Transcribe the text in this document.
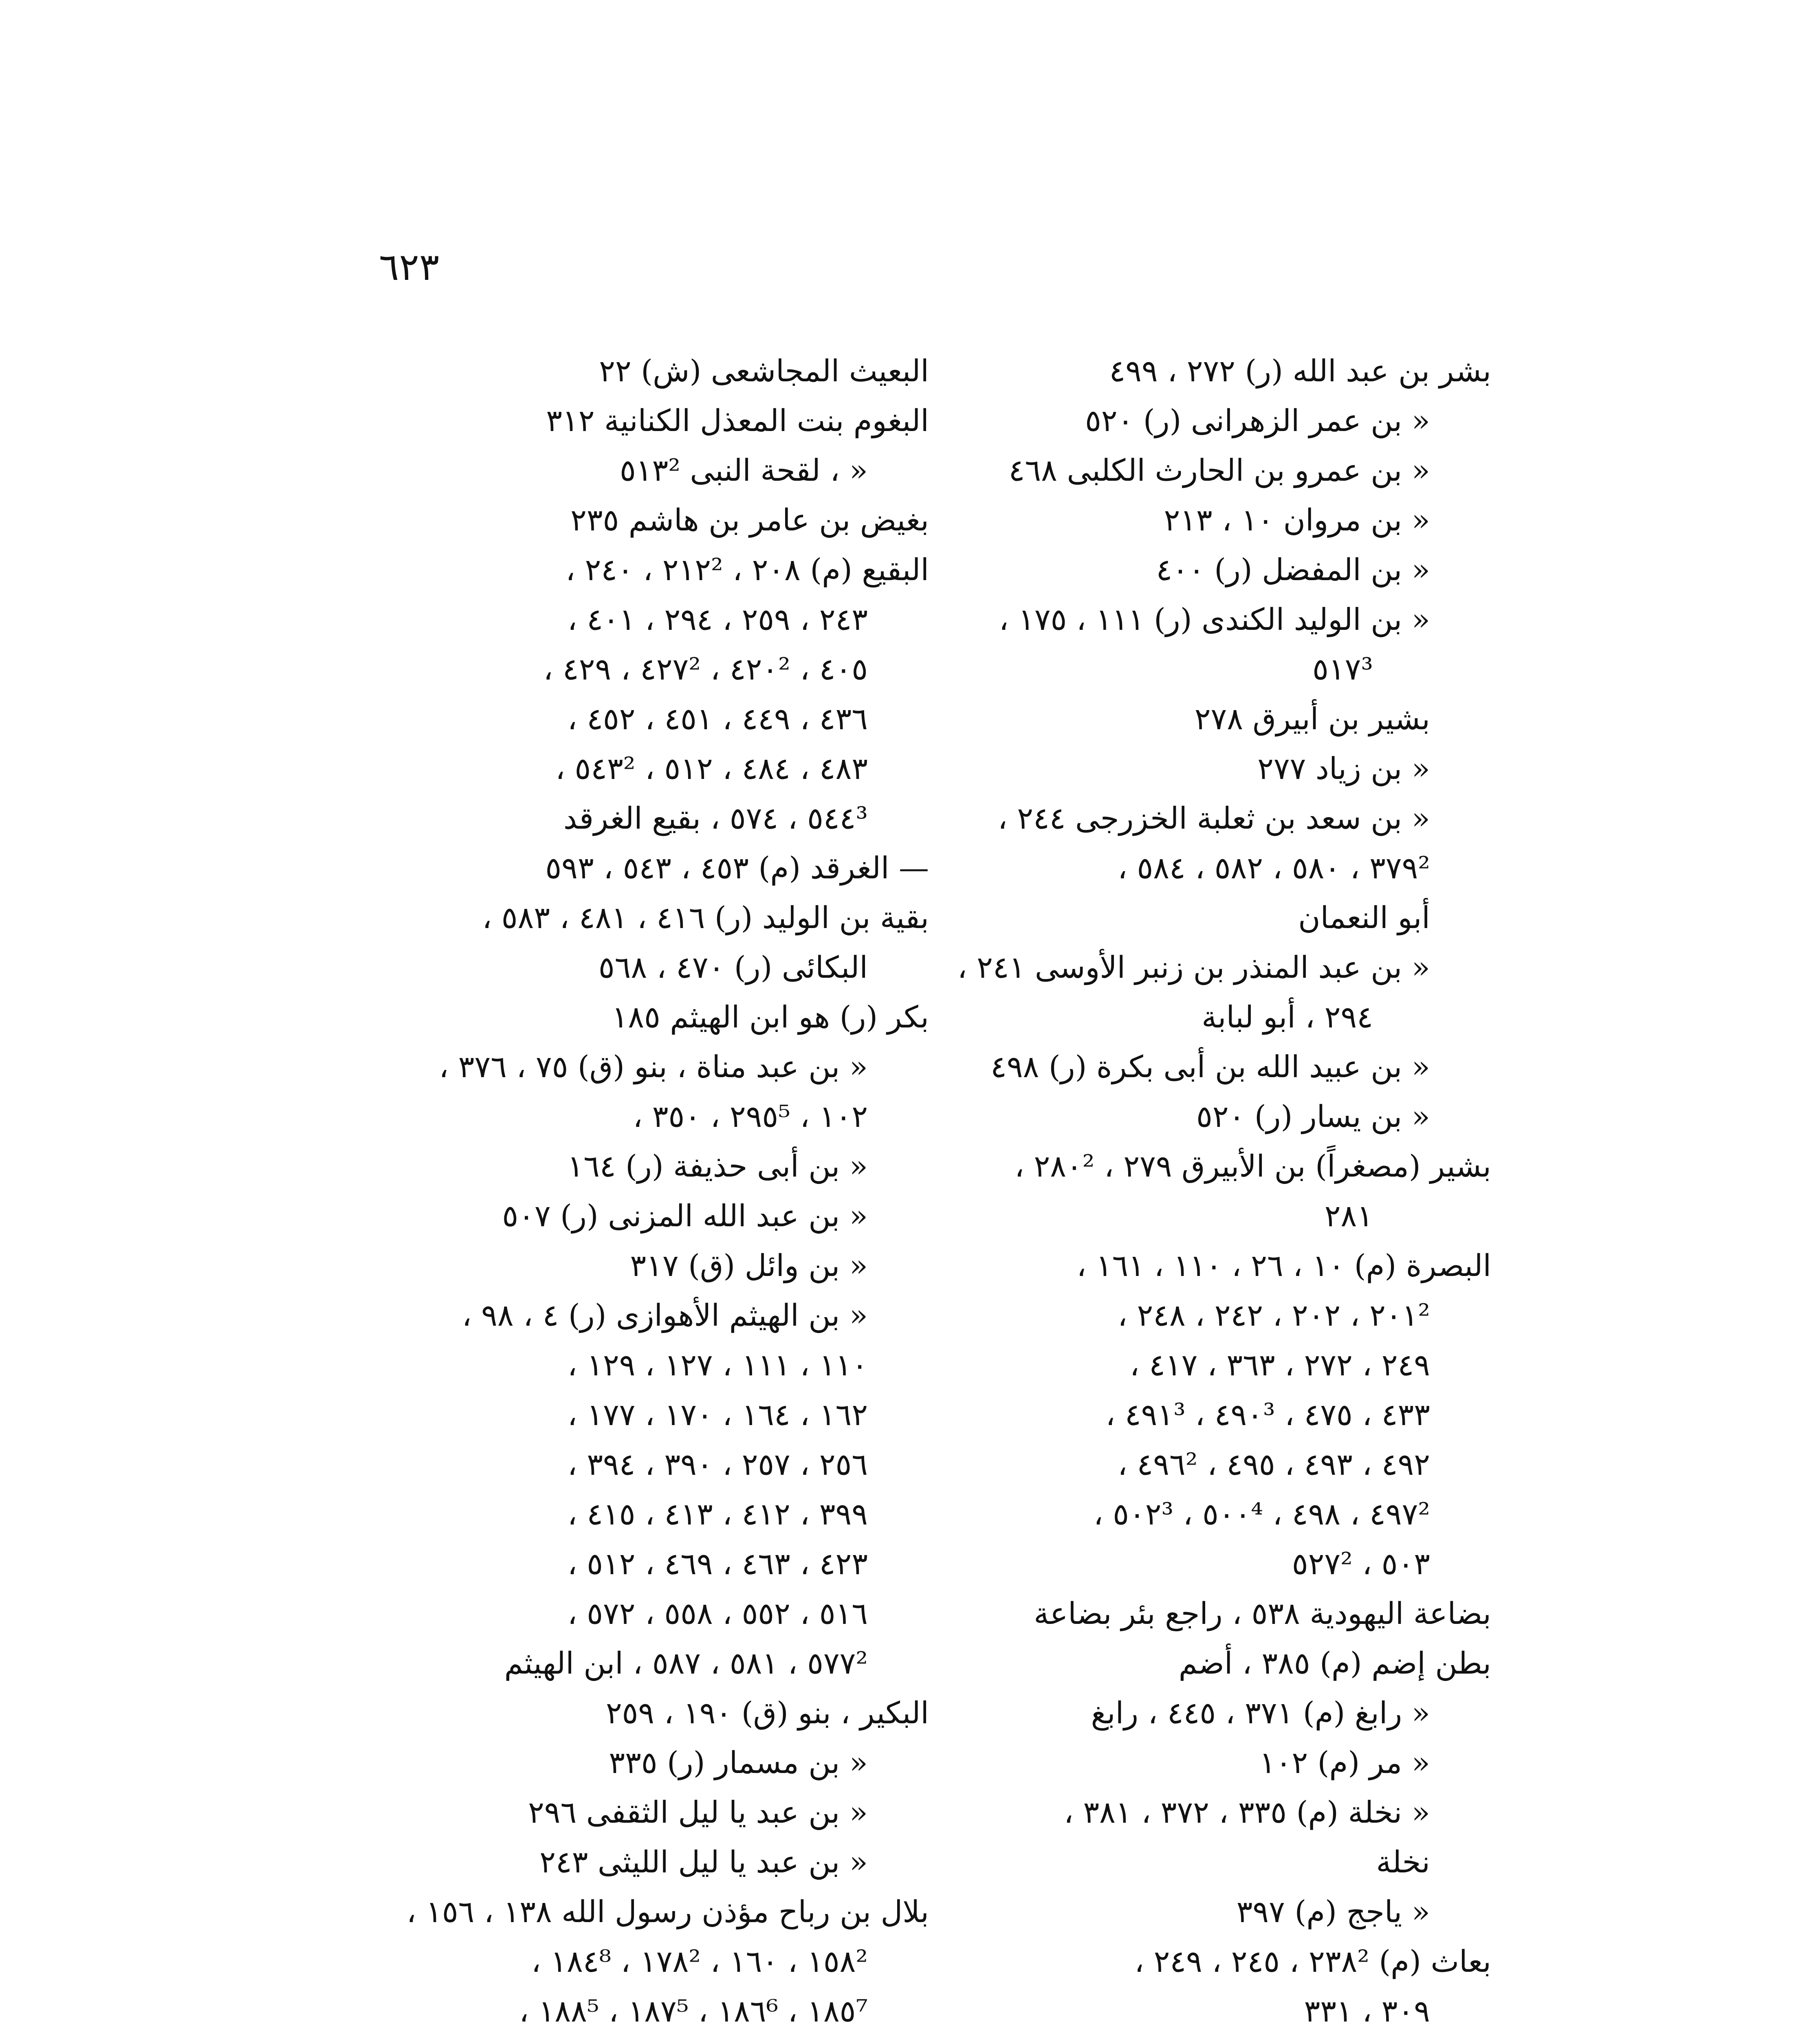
٦٢٣

بشر بن عبد الله (ر) ٢٧٢ ، ٤٩٩

« بن عمر الزهرانى (ر) ٥٢٠

« بن عمرو بن الحارث الكلبى ٤٦٨

« بن مروان ١٠ ، ٢١٣

« بن المفضل (ر) ٤٠٠

« بن الوليد الكندى (ر) ١١١ ، ١٧٥ ،

٥١٧³

بشير بن أبيرق ٢٧٨

« بن زياد ٢٧٧

« بن سعد بن ثعلبة الخزرجى ٢٤٤ ،

٣٧٩² ، ٥٨٠ ، ٥٨٢ ، ٥٨٤ ،

أبو النعمان

« بن عبد المنذر بن زنبر الأوسى ٢٤١ ،

٢٩٤ ، أبو لبابة

« بن عبيد الله بن أبى بكرة (ر) ٤٩٨

« بن يسار (ر) ٥٢٠

بشير (مصغراً) بن الأبيرق ٢٧٩ ، ٢٨٠² ،

٢٨١

البصرة (م) ١٠ ، ٢٦ ، ١١٠ ، ١٦١ ،

٢٠١² ، ٢٠٢ ، ٢٤٢ ، ٢٤٨ ،

٢٤٩ ، ٢٧٢ ، ٣٦٣ ، ٤١٧ ،

٤٣٣ ، ٤٧٥ ، ٤٩٠³ ، ٤٩١³ ،

٤٩٢ ، ٤٩٣ ، ٤٩٥ ، ٤٩٦² ،

٤٩٧² ، ٤٩٨ ، ٥٠٠⁴ ، ٥٠٢³ ،

٥٠٣ ، ٥٢٧²

بضاعة اليهودية ٥٣٨ ، راجع بئر بضاعة

بطن إضم (م) ٣٨٥ ، أضم

« رابغ (م) ٣٧١ ، ٤٤٥ ، رابغ

« مر (م) ١٠٢

« نخلة (م) ٣٣٥ ، ٣٧٢ ، ٣٨١ ،

نخلة

« ياجج (م) ٣٩٧

بعاث (م) ٢٣٨² ، ٢٤٥ ، ٢٤٩ ،

٣٠٩ ، ٣٣١

البعيث المجاشعى (ش) ٢٢

البغوم بنت المعذل الكنانية ٣١٢

« ، لقحة النبى ٥١٣²

بغيض بن عامر بن هاشم ٢٣٥

البقيع (م) ٢٠٨ ، ٢١٢² ، ٢٤٠ ،

٢٤٣ ، ٢٥٩ ، ٢٩٤ ، ٤٠١ ،

٤٠٥ ، ٤٢٠² ، ٤٢٧² ، ٤٢٩ ،

٤٣٦ ، ٤٤٩ ، ٤٥١ ، ٤٥٢ ،

٤٨٣ ، ٤٨٤ ، ٥١٢ ، ٥٤٣² ،

٥٤٤³ ، ٥٧٤ ، بقيع الغرقد

— الغرقد (م) ٤٥٣ ، ٥٤٣ ، ٥٩٣

بقية بن الوليد (ر) ٤١٦ ، ٤٨١ ، ٥٨٣ ،

البكائى (ر) ٤٧٠ ، ٥٦٨

بكر (ر) هو ابن الهيثم ١٨٥

« بن عبد مناة ، بنو (ق) ٧٥ ، ٣٧٦ ،

١٠٢ ، ٢٩٥⁵ ، ٣٥٠ ،

« بن أبى حذيفة (ر) ١٦٤

« بن عبد الله المزنى (ر) ٥٠٧

« بن وائل (ق) ٣١٧

« بن الهيثم الأهوازى (ر) ٤ ، ٩٨ ،

١١٠ ، ١١١ ، ١٢٧ ، ١٢٩ ،

١٦٢ ، ١٦٤ ، ١٧٠ ، ١٧٧ ،

٢٥٦ ، ٢٥٧ ، ٣٩٠ ، ٣٩٤ ،

٣٩٩ ، ٤١٢ ، ٤١٣ ، ٤١٥ ،

٤٢٣ ، ٤٦٣ ، ٤٦٩ ، ٥١٢ ،

٥١٦ ، ٥٥٢ ، ٥٥٨ ، ٥٧٢ ،

٥٧٧² ، ٥٨١ ، ٥٨٧ ، ابن الهيثم

البكير ، بنو (ق) ١٩٠ ، ٢٥٩

« بن مسمار (ر) ٣٣٥

« بن عبد يا ليل الثقفى ٢٩٦

« بن عبد يا ليل الليثى ٢٤٣

بلال بن رباح مؤذن رسول الله ١٣٨ ، ١٥٦ ،

١٥٨² ، ١٦٠ ، ١٧٨² ، ١٨٤⁸ ،

١٨٥⁷ ، ١٨٦⁶ ، ١٨٧⁵ ، ١٨٨⁵ ،
